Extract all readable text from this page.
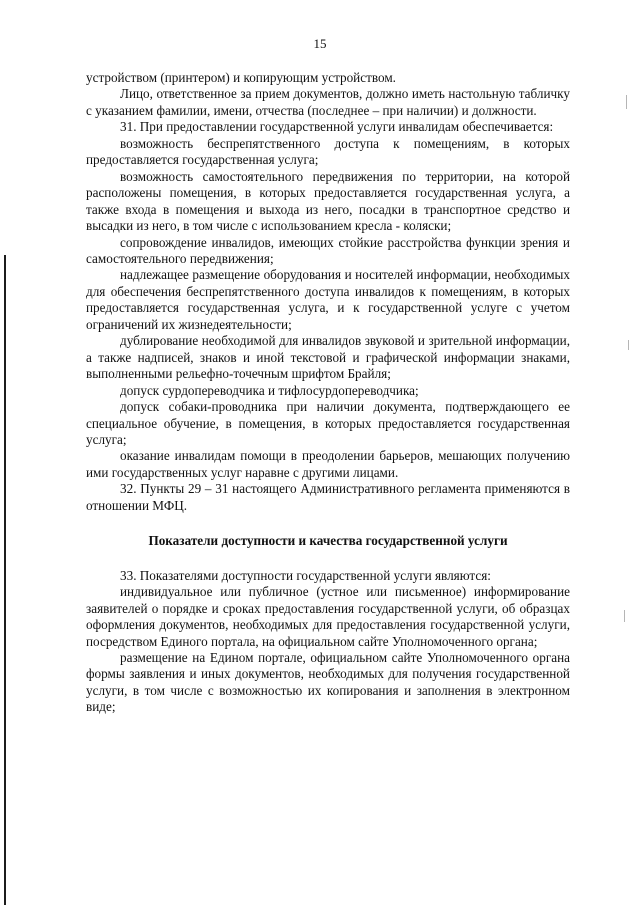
15

устройством (принтером) и копирующим устройством.

Лицо, ответственное за прием документов, должно иметь настольную табличку с указанием фамилии, имени, отчества (последнее – при наличии) и должности.

31. При предоставлении государственной услуги инвалидам обеспечивается:

возможность беспрепятственного доступа к помещениям, в которых предоставляется государственная услуга;

возможность самостоятельного передвижения по территории, на которой расположены помещения, в которых предоставляется государственная услуга, а также входа в помещения и выхода из него, посадки в транспортное средство и высадки из него, в том числе с использованием кресла - коляски;

сопровождение инвалидов, имеющих стойкие расстройства функции зрения и самостоятельного передвижения;

надлежащее размещение оборудования и носителей информации, необходимых для обеспечения беспрепятственного доступа инвалидов к помещениям, в которых предоставляется государственная услуга, и к государственной услуге с учетом ограничений их жизнедеятельности;

дублирование необходимой для инвалидов звуковой и зрительной информации, а также надписей, знаков и иной текстовой и графической информации знаками, выполненными рельефно-точечным шрифтом Брайля;

допуск сурдопереводчика и тифлосурдопереводчика;

допуск собаки-проводника при наличии документа, подтверждающего ее специальное обучение, в помещения, в которых предоставляется государственная услуга;

оказание инвалидам помощи в преодолении барьеров, мешающих получению ими государственных услуг наравне с другими лицами.

32. Пункты 29 – 31 настоящего Административного регламента применяются в отношении МФЦ.

Показатели доступности и качества государственной услуги

33. Показателями доступности государственной услуги являются:

индивидуальное или публичное (устное или письменное) информирование заявителей о порядке и сроках предоставления государственной услуги, об образцах оформления документов, необходимых для предоставления государственной услуги, посредством Единого портала, на официальном сайте Уполномоченного органа;

размещение на Едином портале, официальном сайте Уполномоченного органа формы заявления и иных документов, необходимых для получения государственной услуги, в том числе с возможностью их копирования и заполнения в электронном виде;
